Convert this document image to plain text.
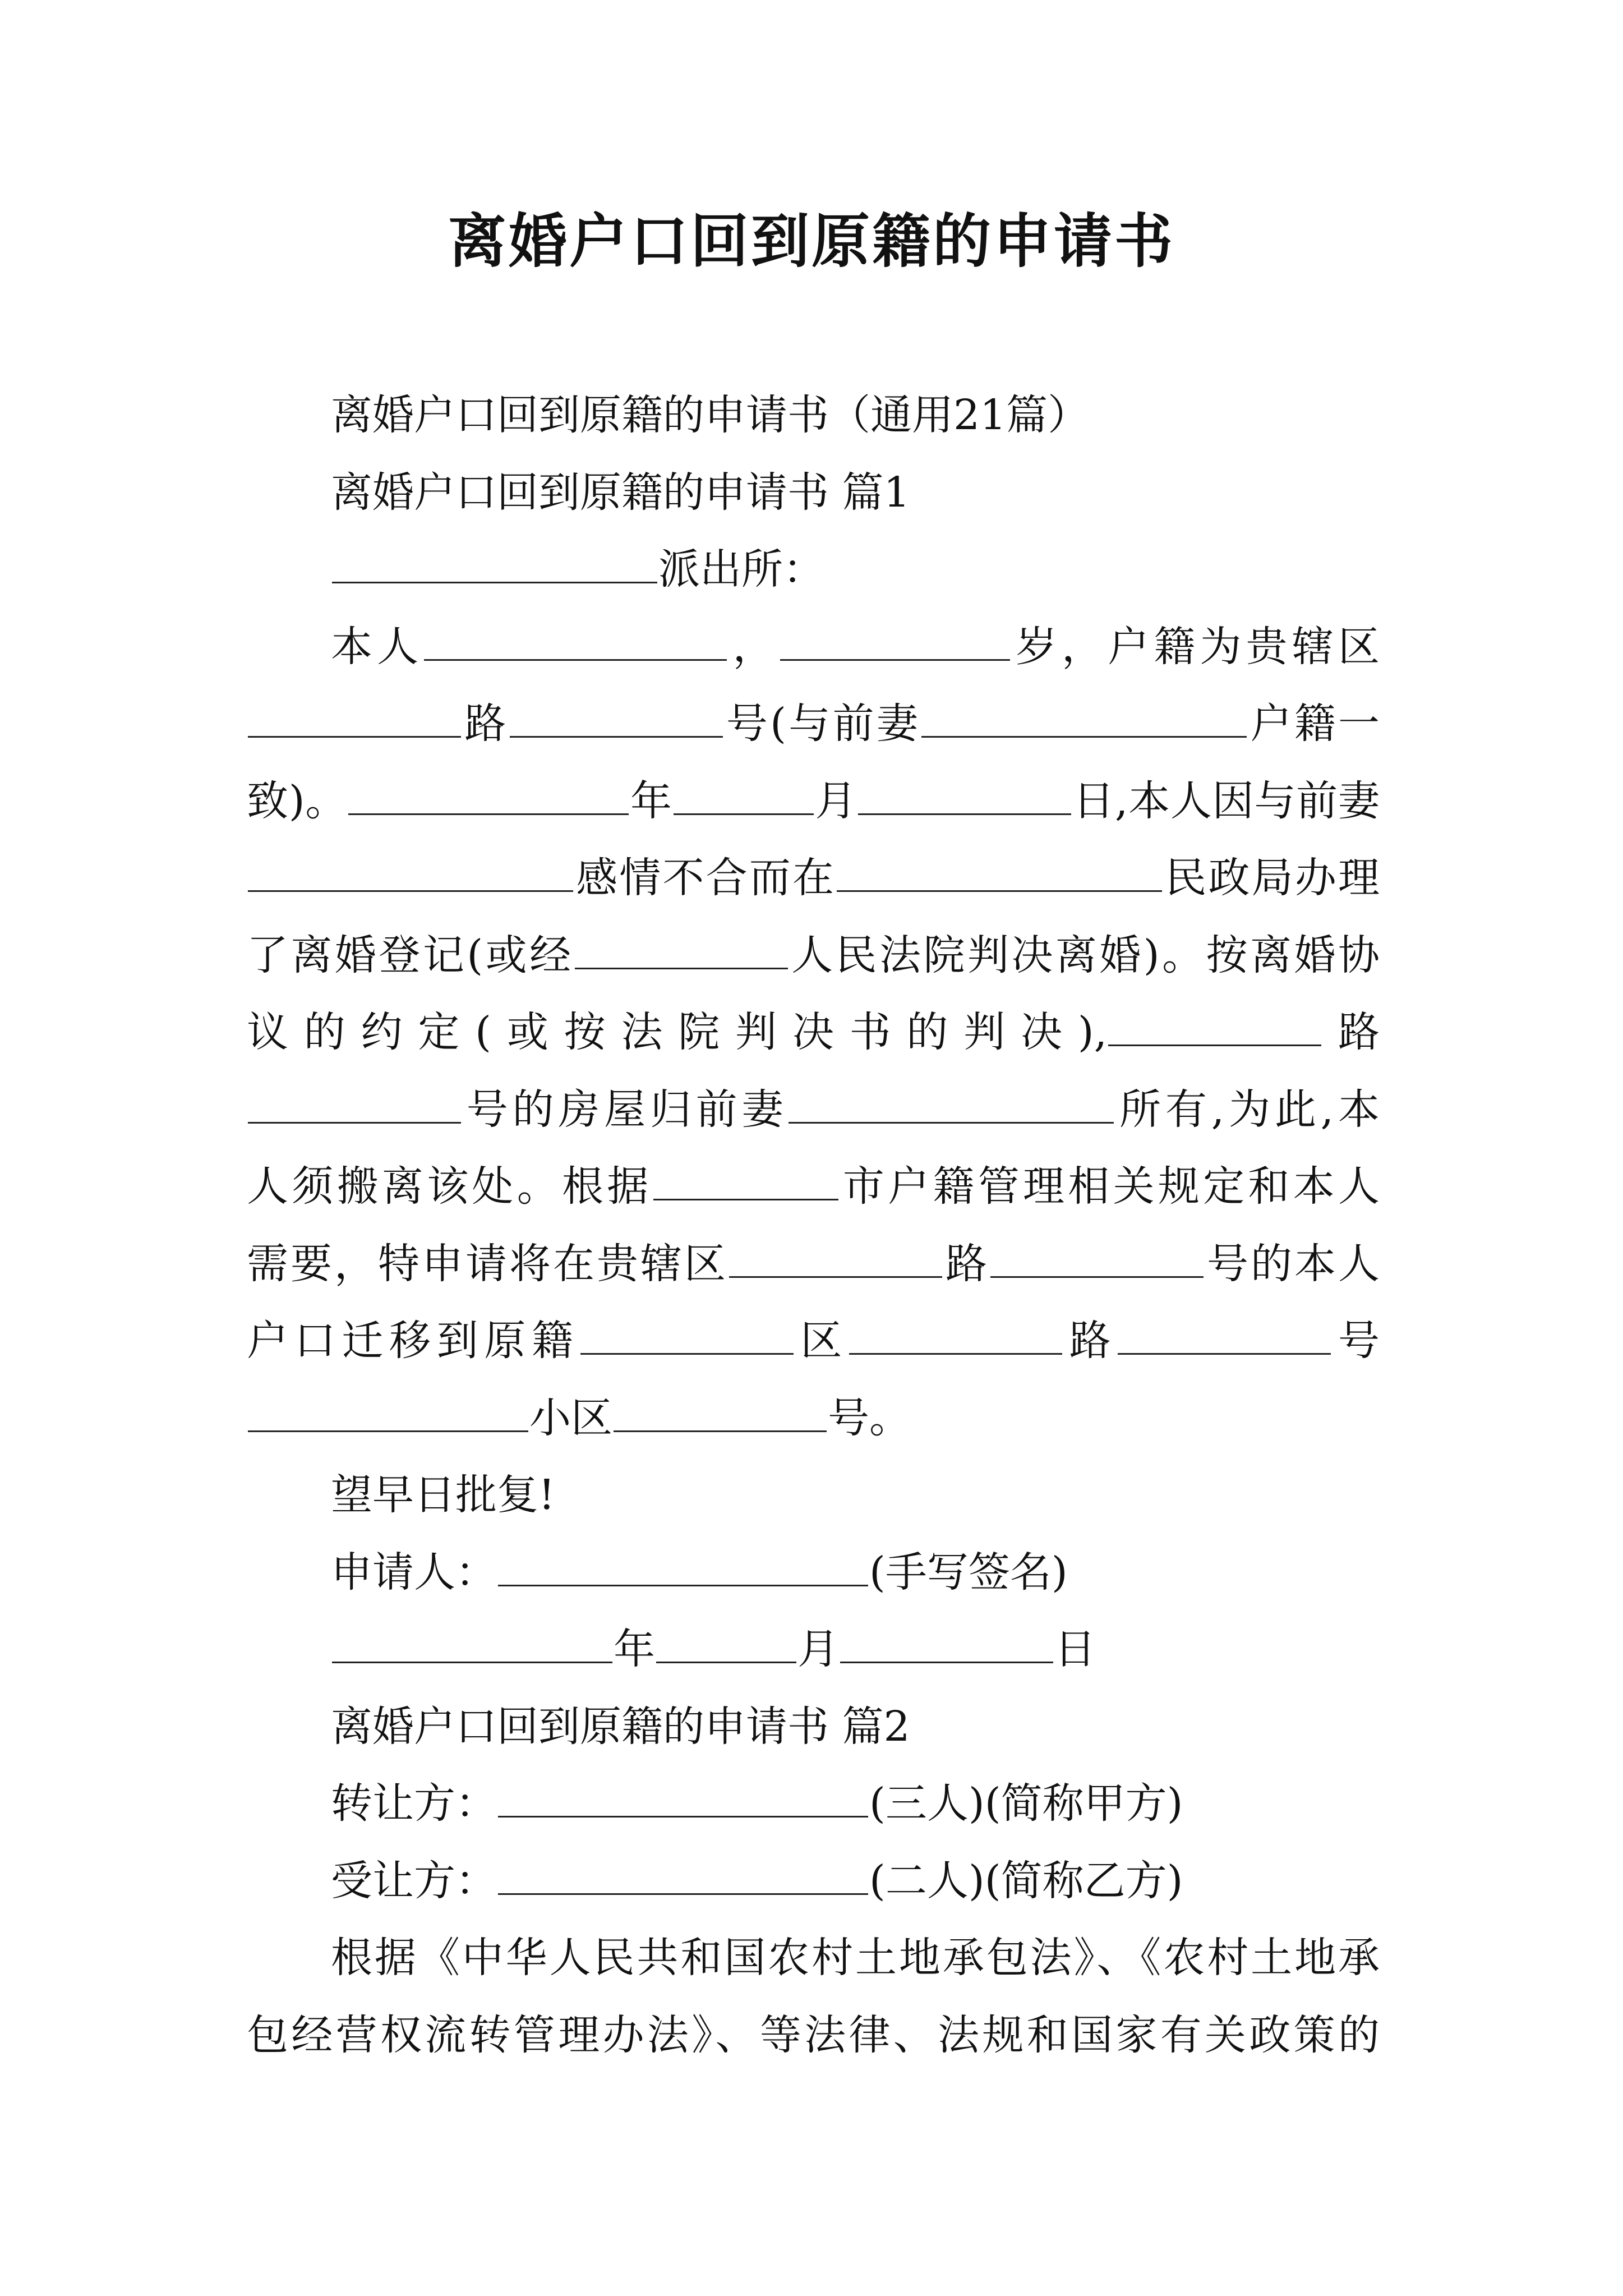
离婚户口回到原籍的申请书
离婚户口回到原籍的申请书（通用21篇）
离婚户口回到原籍的申请书 篇1
派出所：
本人	，	岁，户籍为贵辖区
路	号(与前妻	户籍一
致)。	年	月	日,本人因与前妻
感情不合而在	民政局办理
了离婚登记(或经	人民法院判决离婚)。按离婚协
议的约定(或按法院判决书的判决),	路
号的房屋归前妻	所有,为此,本
人须搬离该处。根据	市户籍管理相关规定和本人
需要，特申请将在贵辖区	路	号的本人
户口迁移到原籍	区	路	号
小区	号。
望早日批复!
申请人：	(手写签名)
年	月	日
离婚户口回到原籍的申请书 篇2
转让方：	(三人)(简称甲方)
受让方：	(二人)(简称乙方)
根据《中华人民共和国农村土地承包法》、《农村土地承
包经营权流转管理办法》、等法律、法规和国家有关政策的
